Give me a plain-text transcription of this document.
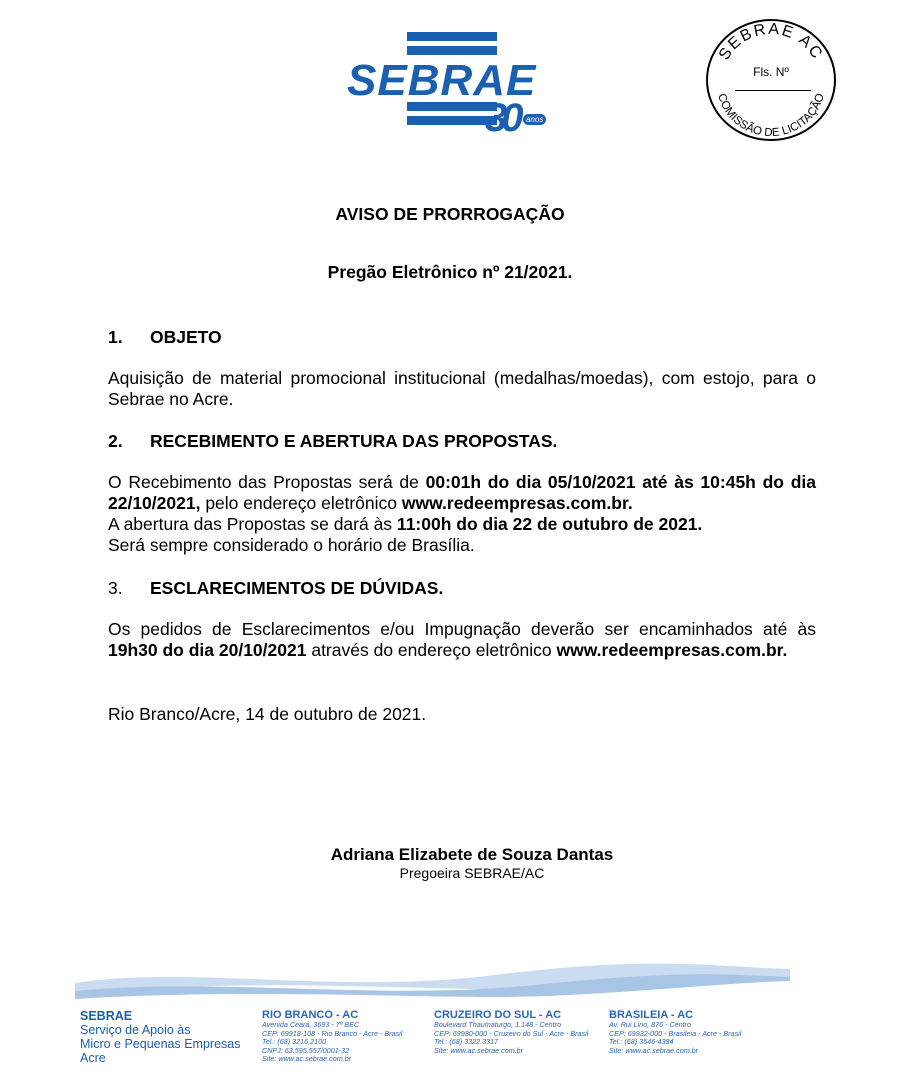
SEBRAE
30	anos
SEBRAE AC
COMISSÃO DE LICITAÇÃO
Fls. Nº
AVISO DE PRORROGAÇÃO
Pregão Eletrônico nº 21/2021.
1. OBJETO
Aquisição de material promocional institucional (medalhas/moedas), com estojo, para o Sebrae no Acre.
2. RECEBIMENTO E ABERTURA DAS PROPOSTAS.
O Recebimento das Propostas será de 00:01h do dia 05/10/2021 até às 10:45h do dia 22/10/2021, pelo endereço eletrônico www.redeempresas.com.br.
A abertura das Propostas se dará às 11:00h do dia 22 de outubro de 2021.
Será sempre considerado o horário de Brasília.
3. ESCLARECIMENTOS DE DÚVIDAS.
Os pedidos de Esclarecimentos e/ou Impugnação deverão ser encaminhados até às 19h30 do dia 20/10/2021 através do endereço eletrônico www.redeempresas.com.br.
Rio Branco/Acre, 14 de outubro de 2021.
Adriana Elizabete de Souza Dantas
Pregoeira SEBRAE/AC
SEBRAE
Serviço de Apoio às
Micro e Pequenas Empresas
Acre
RIO BRANCO - AC
Avenida Ceará, 3693 - 7º BEC
CEP: 69918-108 - Rio Branco - Acre - Brasil
Tel.: (68) 3216.2100
CNPJ: 63.595.557/0001-32
Site: www.ac.sebrae.com.br
CRUZEIRO DO SUL - AC
Boulevard Thaumaturgo, 1.148 - Centro
CEP: 69980-000 - Cruzeiro do Sul - Acre - Brasil
Tel.: (68) 3322.3317
Site: www.ac.sebrae.com.br
BRASILEIA - AC
Av. Rui Lino, 876 - Centro
CEP: 69932-000 - Brasileia - Acre - Brasil
Tel.: (68) 3546-4384
Site: www.ac.sebrae.com.br
